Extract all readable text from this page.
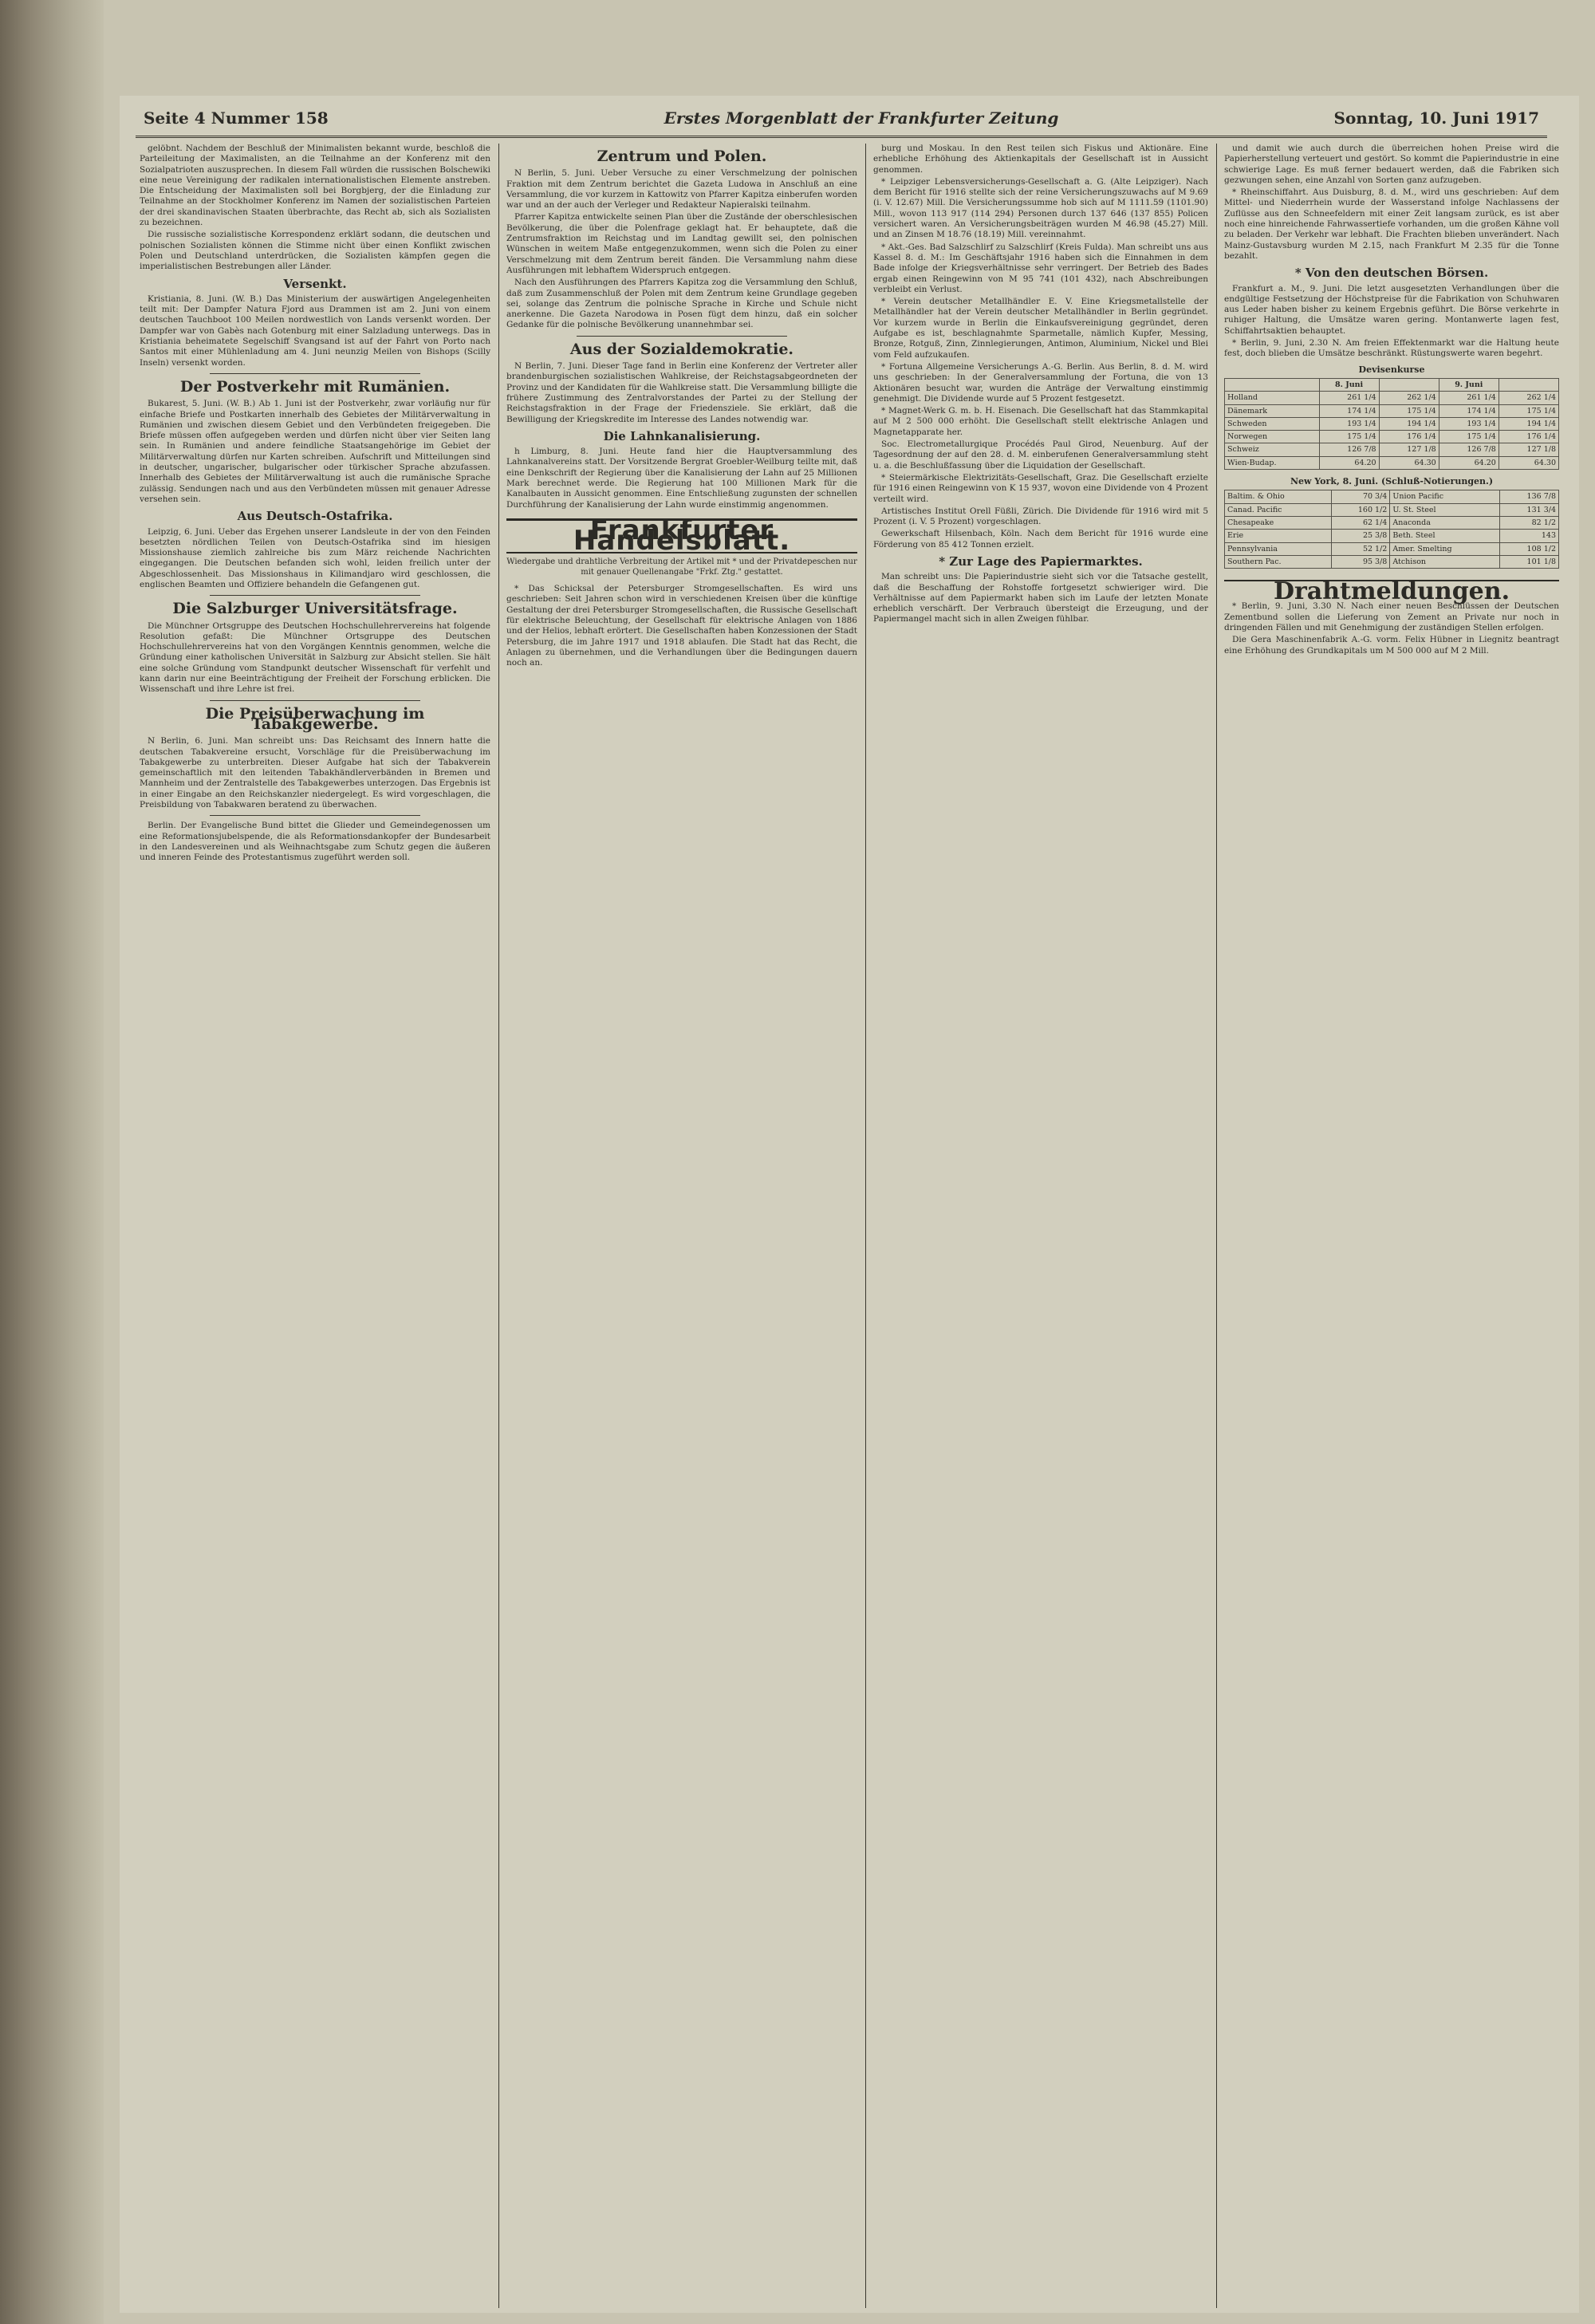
Seite 4 Nummer 158	Erstes Morgenblatt der Frankfurter Zeitung	Sonntag, 10. Juni 1917

gelöbnt. Nachdem der Beschluß der Minimalisten bekannt wurde, beschloß die Parteileitung der Maximalisten, an die Teilnahme an der Konferenz mit den Sozialpatrioten auszusprechen. In diesem Fall würden die russischen Bolschewiki eine neue Vereinigung der radikalen internationalistischen Elemente anstreben. Die Entscheidung der Maximalisten soll bei Borgbjerg, der die Einladung zur Teilnahme an der Stockholmer Konferenz im Namen der sozialistischen Parteien der drei skandinavischen Staaten überbrachte, das Recht ab, sich als Sozialisten zu bezeichnen.

Die russische sozialistische Korrespondenz erklärt sodann, die deutschen und polnischen Sozialisten können die Stimme nicht über einen Konflikt zwischen Polen und Deutschland unterdrücken, die Sozialisten kämpfen gegen die imperialistischen Bestrebungen aller Länder.

Versenkt.

Kristiania, 8. Juni. (W. B.) Das Ministerium der auswärtigen Angelegenheiten teilt mit: Der Dampfer Natura Fjord aus Drammen ist am 2. Juni von einem deutschen Tauchboot 100 Meilen nordwestlich von Lands versenkt worden. Der Dampfer war von Gabès nach Gotenburg mit einer Salzladung unterwegs. Das in Kristiania beheimatete Segelschiff Svangsand ist auf der Fahrt von Porto nach Santos mit einer Mühlenladung am 4. Juni neunzig Meilen von Bishops (Scilly Inseln) versenkt worden.

Der Postverkehr mit Rumänien.

Bukarest, 5. Juni. (W. B.) Ab 1. Juni ist der Postverkehr, zwar vorläufig nur für einfache Briefe und Postkarten innerhalb des Gebietes der Militärverwaltung in Rumänien und zwischen diesem Gebiet und den Verbündeten freigegeben. Die Briefe müssen offen aufgegeben werden und dürfen nicht über vier Seiten lang sein. In Rumänien und andere feindliche Staatsangehörige im Gebiet der Militärverwaltung dürfen nur Karten schreiben. Aufschrift und Mitteilungen sind in deutscher, ungarischer, bulgarischer oder türkischer Sprache abzufassen. Innerhalb des Gebietes der Militärverwaltung ist auch die rumänische Sprache zulässig. Sendungen nach und aus den Verbündeten müssen mit genauer Adresse versehen sein.

Aus Deutsch-Ostafrika.

Leipzig, 6. Juni. Ueber das Ergehen unserer Landsleute in der von den Feinden besetzten nördlichen Teilen von Deutsch-Ostafrika sind im hiesigen Missionshause ziemlich zahlreiche bis zum März reichende Nachrichten eingegangen. Die Deutschen befanden sich wohl, leiden freilich unter der Abgeschlossenheit. Das Missionshaus in Kilimandjaro wird geschlossen, die englischen Beamten und Offiziere behandeln die Gefangenen gut.

Die Salzburger Universitätsfrage.

Die Münchner Ortsgruppe des Deutschen Hochschullehrervereins hat folgende Resolution gefaßt: Die Münchner Ortsgruppe des Deutschen Hochschullehrervereins hat von den Vorgängen Kenntnis genommen, welche die Gründung einer katholischen Universität in Salzburg zur Absicht stellen. Sie hält eine solche Gründung vom Standpunkt deutscher Wissenschaft für verfehlt und kann darin nur eine Beeinträchtigung der Freiheit der Forschung erblicken. Die Wissenschaft und ihre Lehre ist frei.

Die Preisüberwachung im Tabakgewerbe.

N Berlin, 6. Juni. Man schreibt uns: Das Reichsamt des Innern hatte die deutschen Tabakvereine ersucht, Vorschläge für die Preisüberwachung im Tabakgewerbe zu unterbreiten. Dieser Aufgabe hat sich der Tabakverein gemeinschaftlich mit den leitenden Tabakhändlerverbänden in Bremen und Mannheim und der Zentralstelle des Tabakgewerbes unterzogen. Das Ergebnis ist in einer Eingabe an den Reichskanzler niedergelegt. Es wird vorgeschlagen, die Preisbildung von Tabakwaren beratend zu überwachen.

Berlin. Der Evangelische Bund bittet die Glieder und Gemeindegenossen um eine Reformationsjubelspende, die als Reformationsdankopfer der Bundesarbeit in den Landesvereinen und als Weihnachtsgabe zum Schutz gegen die äußeren und inneren Feinde des Protestantismus zugeführt werden soll.

Zentrum und Polen.

N Berlin, 5. Juni. Ueber Versuche zu einer Verschmelzung der polnischen Fraktion mit dem Zentrum berichtet die Gazeta Ludowa in Anschluß an eine Versammlung, die vor kurzem in Kattowitz von Pfarrer Kapitza einberufen worden war und an der auch der Verleger und Redakteur Napieralski teilnahm.

Pfarrer Kapitza entwickelte seinen Plan über die Zustände der oberschlesischen Bevölkerung, die über die Polenfrage geklagt hat. Er behauptete, daß die Zentrumsfraktion im Reichstag und im Landtag gewillt sei, den polnischen Wünschen in weitem Maße entgegenzukommen, wenn sich die Polen zu einer Verschmelzung mit dem Zentrum bereit fänden. Die Versammlung nahm diese Ausführungen mit lebhaftem Widerspruch entgegen.

Nach den Ausführungen des Pfarrers Kapitza zog die Versammlung den Schluß, daß zum Zusammenschluß der Polen mit dem Zentrum keine Grundlage gegeben sei, solange das Zentrum die polnische Sprache in Kirche und Schule nicht anerkenne. Die Gazeta Narodowa in Posen fügt dem hinzu, daß ein solcher Gedanke für die polnische Bevölkerung unannehmbar sei.

Aus der Sozialdemokratie.

N Berlin, 7. Juni. Dieser Tage fand in Berlin eine Konferenz der Vertreter aller brandenburgischen sozialistischen Wahlkreise, der Reichstagsabgeordneten der Provinz und der Kandidaten für die Wahlkreise statt. Die Versammlung billigte die frühere Zustimmung des Zentralvorstandes der Partei zu der Stellung der Reichstagsfraktion in der Frage der Friedensziele. Sie erklärt, daß die Bewilligung der Kriegskredite im Interesse des Landes notwendig war.

Die Lahnkanalisierung.

h Limburg, 8. Juni. Heute fand hier die Hauptversammlung des Lahnkanalvereins statt. Der Vorsitzende Bergrat Groebler-Weilburg teilte mit, daß eine Denkschrift der Regierung über die Kanalisierung der Lahn auf 25 Millionen Mark berechnet werde. Die Regierung hat 100 Millionen Mark für die Kanalbauten in Aussicht genommen. Eine Entschließung zugunsten der schnellen Durchführung der Kanalisierung der Lahn wurde einstimmig angenommen.

Frankfurter Handelsblatt.
Wiedergabe und drahtliche Verbreitung der Artikel mit * und der Privatdepeschen nur mit genauer Quellenangabe "Frkf. Ztg." gestattet.

* Das Schicksal der Petersburger Stromgesellschaften. Es wird uns geschrieben: Seit Jahren schon wird in verschiedenen Kreisen über die künftige Gestaltung der drei Petersburger Stromgesellschaften, die Russische Gesellschaft für elektrische Beleuchtung, der Gesellschaft für elektrische Anlagen von 1886 und der Helios, lebhaft erörtert. Die Gesellschaften haben Konzessionen der Stadt Petersburg, die im Jahre 1917 und 1918 ablaufen. Die Stadt hat das Recht, die Anlagen zu übernehmen, und die Verhandlungen über die Bedingungen dauern noch an.

burg und Moskau. In den Rest teilen sich Fiskus und Aktionäre. Eine erhebliche Erhöhung des Aktienkapitals der Gesellschaft ist in Aussicht genommen.

* Leipziger Lebensversicherungs-Gesellschaft a. G. (Alte Leipziger). Nach dem Bericht für 1916 stellte sich der reine Versicherungszuwachs auf M 9.69 (i. V. 12.67) Mill. Die Versicherungssumme hob sich auf M 1111.59 (1101.90) Mill., wovon 113 917 (114 294) Personen durch 137 646 (137 855) Policen versichert waren. An Versicherungsbeiträgen wurden M 46.98 (45.27) Mill. und an Zinsen M 18.76 (18.19) Mill. vereinnahmt.

* Akt.-Ges. Bad Salzschlirf zu Salzschlirf (Kreis Fulda). Man schreibt uns aus Kassel 8. d. M.: Im Geschäftsjahr 1916 haben sich die Einnahmen in dem Bade infolge der Kriegsverhältnisse sehr verringert. Der Betrieb des Bades ergab einen Reingewinn von M 95 741 (101 432), nach Abschreibungen verbleibt ein Verlust.

* Verein deutscher Metallhändler E. V. Eine Kriegsmetallstelle der Metallhändler hat der Verein deutscher Metallhändler in Berlin gegründet. Vor kurzem wurde in Berlin die Einkaufsvereinigung gegründet, deren Aufgabe es ist, beschlagnahmte Sparmetalle, nämlich Kupfer, Messing, Bronze, Rotguß, Zinn, Zinnlegierungen, Antimon, Aluminium, Nickel und Blei vom Feld aufzukaufen.

* Fortuna Allgemeine Versicherungs A.-G. Berlin. Aus Berlin, 8. d. M. wird uns geschrieben: In der Generalversammlung der Fortuna, die von 13 Aktionären besucht war, wurden die Anträge der Verwaltung einstimmig genehmigt. Die Dividende wurde auf 5 Prozent festgesetzt.

* Magnet-Werk G. m. b. H. Eisenach. Die Gesellschaft hat das Stammkapital auf M 2 500 000 erhöht. Die Gesellschaft stellt elektrische Anlagen und Magnetapparate her.

Soc. Electrometallurgique Procédés Paul Girod, Neuenburg. Auf der Tagesordnung der auf den 28. d. M. einberufenen Generalversammlung steht u. a. die Beschlußfassung über die Liquidation der Gesellschaft.

* Steiermärkische Elektrizitäts-Gesellschaft, Graz. Die Gesellschaft erzielte für 1916 einen Reingewinn von K 15 937, wovon eine Dividende von 4 Prozent verteilt wird.

Artistisches Institut Orell Füßli, Zürich. Die Dividende für 1916 wird mit 5 Prozent (i. V. 5 Prozent) vorgeschlagen.

Gewerkschaft Hilsenbach, Köln. Nach dem Bericht für 1916 wurde eine Förderung von 85 412 Tonnen erzielt.

* Zur Lage des Papiermarktes.

Man schreibt uns: Die Papierindustrie sieht sich vor die Tatsache gestellt, daß die Beschaffung der Rohstoffe fortgesetzt schwieriger wird. Die Verhältnisse auf dem Papiermarkt haben sich im Laufe der letzten Monate erheblich verschärft. Der Verbrauch übersteigt die Erzeugung, und der Papiermangel macht sich in allen Zweigen fühlbar.

und damit wie auch durch die überreichen hohen Preise wird die Papierherstellung verteuert und gestört. So kommt die Papierindustrie in eine schwierige Lage. Es muß ferner bedauert werden, daß die Fabriken sich gezwungen sehen, eine Anzahl von Sorten ganz aufzugeben.

* Rheinschiffahrt. Aus Duisburg, 8. d. M., wird uns geschrieben: Auf dem Mittel- und Niederrhein wurde der Wasserstand infolge Nachlassens der Zuflüsse aus den Schneefeldern mit einer Zeit langsam zurück, es ist aber noch eine hinreichende Fahrwassertiefe vorhanden, um die großen Kähne voll zu beladen. Der Verkehr war lebhaft. Die Frachten blieben unverändert. Nach Mainz-Gustavsburg wurden M 2.15, nach Frankfurt M 2.35 für die Tonne bezahlt.

* Von den deutschen Börsen.

Frankfurt a. M., 9. Juni. Die letzt ausgesetzten Verhandlungen über die endgültige Festsetzung der Höchstpreise für die Fabrikation von Schuhwaren aus Leder haben bisher zu keinem Ergebnis geführt. Die Börse verkehrte in ruhiger Haltung, die Umsätze waren gering. Montanwerte lagen fest, Schiffahrtsaktien behauptet.

* Berlin, 9. Juni, 2.30 N. Am freien Effektenmarkt war die Haltung heute fest, doch blieben die Umsätze beschränkt. Rüstungswerte waren begehrt.

Devisenkurse
	8. Juni		9. Juni	
Holland	261 1/4	262 1/4	261 1/4	262 1/4
Dänemark	174 1/4	175 1/4	174 1/4	175 1/4
Schweden	193 1/4	194 1/4	193 1/4	194 1/4
Norwegen	175 1/4	176 1/4	175 1/4	176 1/4
Schweiz	126 7/8	127 1/8	126 7/8	127 1/8
Wien-Budap.	64.20	64.30	64.20	64.30
New York, 8. Juni. (Schluß-Notierungen.)
Baltim. & Ohio	70 3/4	Union Pacific	136 7/8
Canad. Pacific	160 1/2	U. St. Steel	131 3/4
Chesapeake	62 1/4	Anaconda	82 1/2
Erie	25 3/8	Beth. Steel	143
Pennsylvania	52 1/2	Amer. Smelting	108 1/2
Southern Pac.	95 3/8	Atchison	101 1/8
Drahtmeldungen.

* Berlin, 9. Juni, 3.30 N. Nach einer neuen Beschlüssen der Deutschen Zementbund sollen die Lieferung von Zement an Private nur noch in dringenden Fällen und mit Genehmigung der zuständigen Stellen erfolgen.

Die Gera Maschinenfabrik A.-G. vorm. Felix Hübner in Liegnitz beantragt eine Erhöhung des Grundkapitals um M 500 000 auf M 2 Mill.
